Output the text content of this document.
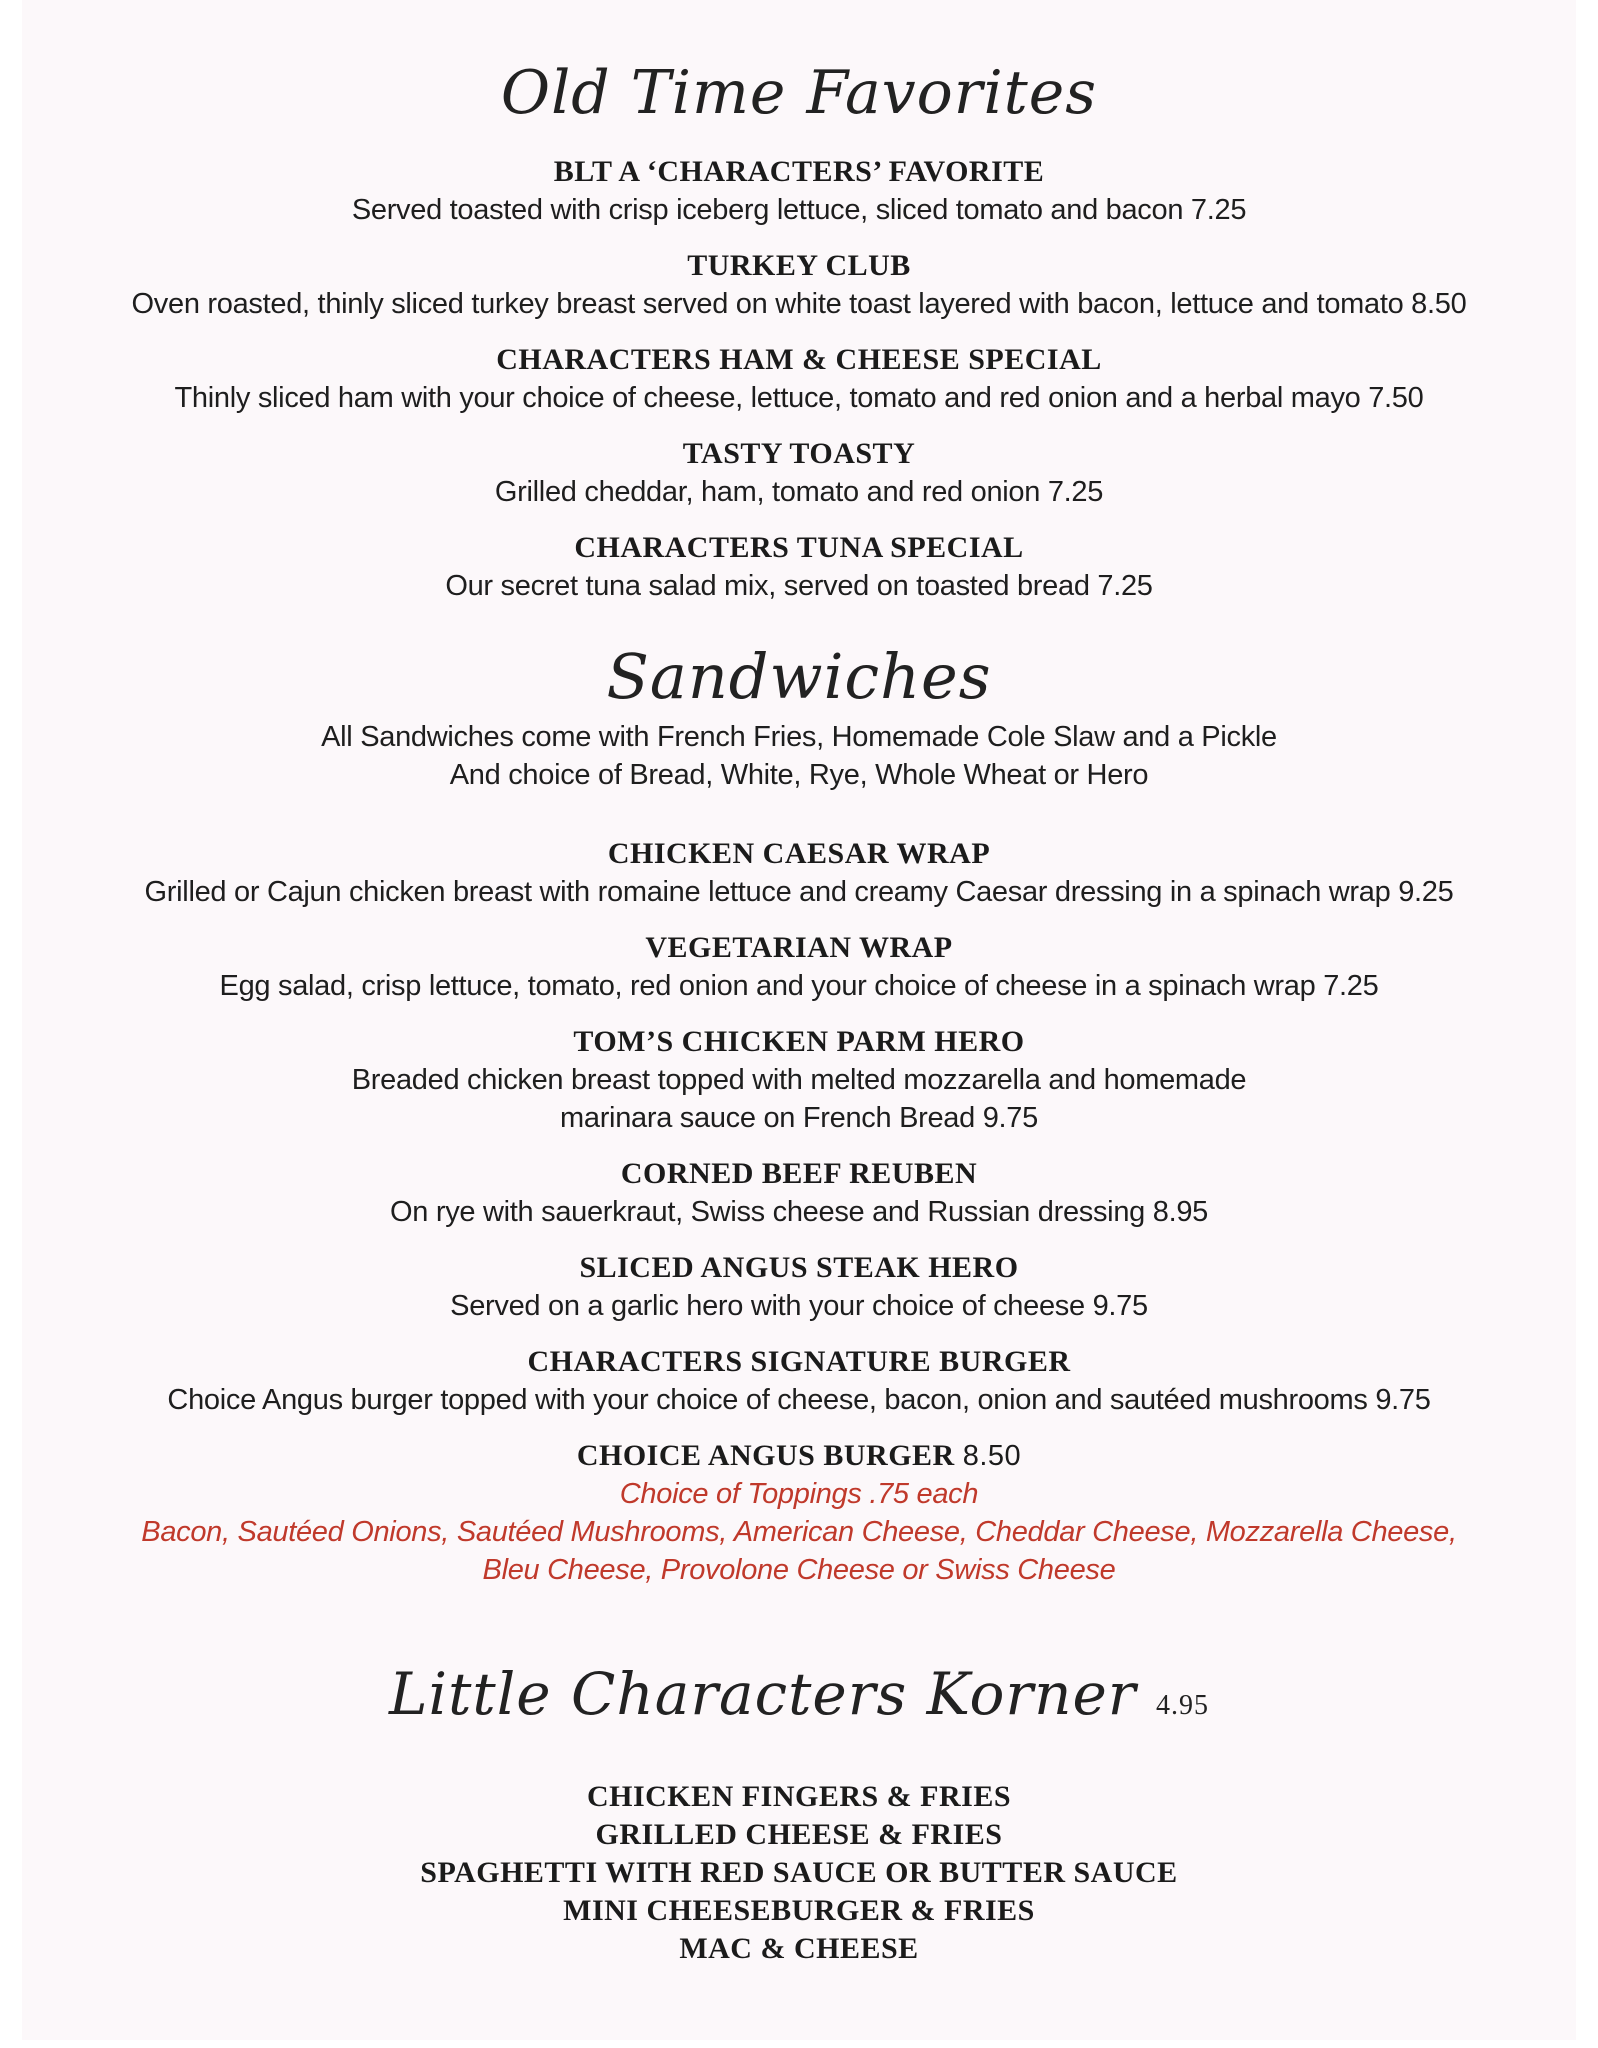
Old Time Favorites
BLT A ‘CHARACTERS’ FAVORITE
Served toasted with crisp iceberg lettuce, sliced tomato and bacon 7.25
TURKEY CLUB
Oven roasted, thinly sliced turkey breast served on white toast layered with bacon, lettuce and tomato 8.50
CHARACTERS HAM & CHEESE SPECIAL
Thinly sliced ham with your choice of cheese, lettuce, tomato and red onion and a herbal mayo 7.50
TASTY TOASTY
Grilled cheddar, ham, tomato and red onion 7.25
CHARACTERS TUNA SPECIAL
Our secret tuna salad mix, served on toasted bread 7.25
Sandwiches
All Sandwiches come with French Fries, Homemade Cole Slaw and a Pickle
And choice of Bread, White, Rye, Whole Wheat or Hero
CHICKEN CAESAR WRAP
Grilled or Cajun chicken breast with romaine lettuce and creamy Caesar dressing in a spinach wrap 9.25
VEGETARIAN WRAP
Egg salad, crisp lettuce, tomato, red onion and your choice of cheese in a spinach wrap 7.25
TOM’S CHICKEN PARM HERO
Breaded chicken breast topped with melted mozzarella and homemade
marinara sauce on French Bread 9.75
CORNED BEEF REUBEN
On rye with sauerkraut, Swiss cheese and Russian dressing 8.95
SLICED ANGUS STEAK HERO
Served on a garlic hero with your choice of cheese 9.75
CHARACTERS SIGNATURE BURGER
Choice Angus burger topped with your choice of cheese, bacon, onion and sautéed mushrooms 9.75
CHOICE ANGUS BURGER 8.50
Choice of Toppings .75 each
Bacon, Sautéed Onions, Sautéed Mushrooms, American Cheese, Cheddar Cheese, Mozzarella Cheese,
Bleu Cheese, Provolone Cheese or Swiss Cheese
Little Characters Korner 4.95
CHICKEN FINGERS & FRIES
GRILLED CHEESE & FRIES
SPAGHETTI WITH RED SAUCE OR BUTTER SAUCE
MINI CHEESEBURGER & FRIES
MAC & CHEESE
